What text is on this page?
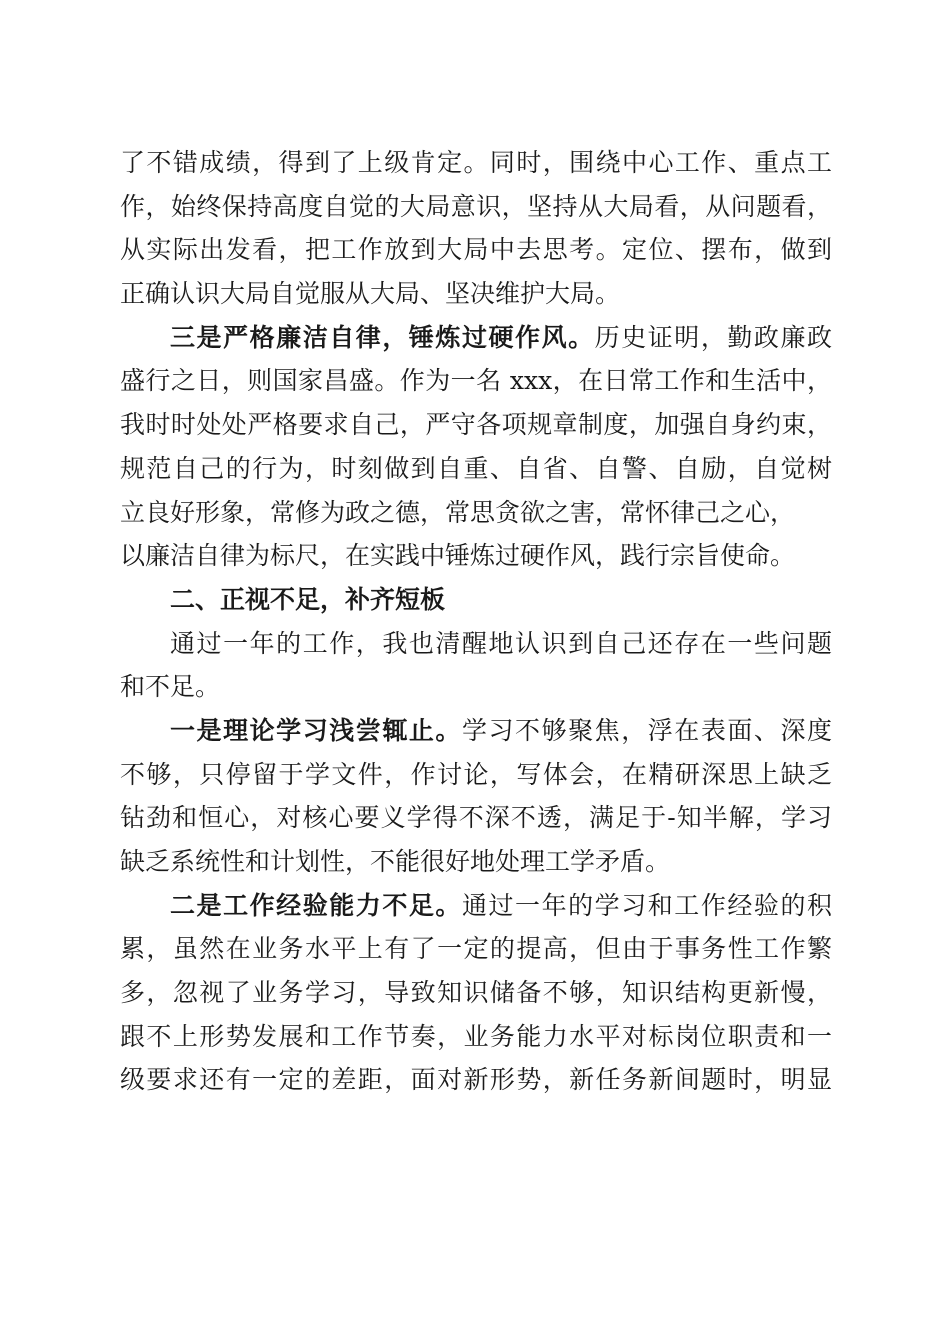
了不错成绩，得到了上级肯定。同时，围绕中心工作、重点工
作，始终保持高度自觉的大局意识，坚持从大局看，从问题看，
从实际出发看，把工作放到大局中去思考。定位、摆布，做到
正确认识大局自觉服从大局、坚决维护大局。
三是严格廉洁自律，锤炼过硬作风。历史证明，勤政廉政
盛行之日，则国家昌盛。作为一名 xxx，在日常工作和生活中，
我时时处处严格要求自己，严守各项规章制度，加强自身约束，
规范自己的行为，时刻做到自重、自省、自警、自励，自觉树
立良好形象，常修为政之德，常思贪欲之害，常怀律己之心，
以廉洁自律为标尺，在实践中锤炼过硬作风，践行宗旨使命。
二、正视不足，补齐短板
通过一年的工作，我也清醒地认识到自己还存在一些问题
和不足。
一是理论学习浅尝辄止。学习不够聚焦，浮在表面、深度
不够，只停留于学文件，作讨论，写体会，在精研深思上缺乏
钻劲和恒心，对核心要义学得不深不透，满足于-知半解，学习
缺乏系统性和计划性，不能很好地处理工学矛盾。
二是工作经验能力不足。通过一年的学习和工作经验的积
累，虽然在业务水平上有了一定的提高，但由于事务性工作繁
多，忽视了业务学习，导致知识储备不够，知识结构更新慢，
跟不上形势发展和工作节奏，业务能力水平对标岗位职责和一
级要求还有一定的差距，面对新形势，新任务新间题时，明显
